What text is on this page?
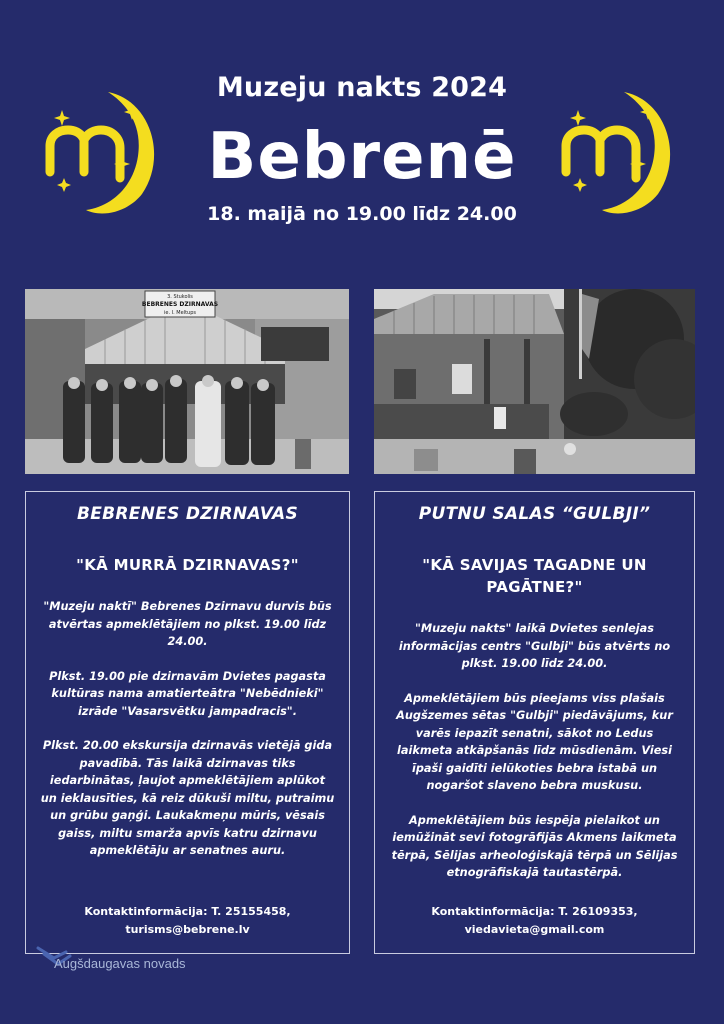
Muzeju nakts 2024
Bebrenē
18. maijā no 19.00 līdz 24.00
3. Stukolis
BEBRENES DZIRNAVAS
ie. I. Meltups
BEBRENES DZIRNAVAS
"KĀ MURRĀ DZIRNAVAS?"

"Muzeju naktī" Bebrenes Dzirnavu durvis būs atvērtas apmeklētājiem no plkst. 19.00 līdz 24.00.

Plkst. 19.00 pie dzirnavām Dvietes pagasta kultūras nama amatierteātra "Nebēdnieki" izrāde "Vasarsvētku jampadracis".

Plkst. 20.00 ekskursija dzirnavās vietējā gida pavadībā. Tās laikā dzirnavas tiks iedarbinātas, ļaujot apmeklētājiem aplūkot un ieklausīties, kā reiz dūkuši miltu, putraimu un grūbu gaņģi. Laukakmeņu mūris, vēsais gaiss, miltu smarža apvīs katru dzirnavu apmeklētāju ar senatnes auru.

Kontaktinformācija: T. 25155458,
turisms@bebrene.lv
PUTNU SALAS “GULBJI”
"KĀ SAVIJAS TAGADNE UN PAGĀTNE?"

"Muzeju nakts" laikā Dvietes senlejas informācijas centrs "Gulbji" būs atvērts no plkst. 19.00 līdz 24.00.

Apmeklētājiem būs pieejams viss plašais Augšzemes sētas "Gulbji" piedāvājums, kur varēs iepazīt senatni, sākot no Ledus laikmeta atkāpšanās līdz mūsdienām. Viesi īpaši gaidīti ielūkoties bebra istabā un nogaršot slaveno bebra muskusu.

Apmeklētājiem būs iespēja pielaikot un iemūžināt sevi fotogrāfijās Akmens laikmeta tērpā, Sēlijas arheoloģiskajā tērpā un Sēlijas etnogrāfiskajā tautastērpā.

Kontaktinformācija: T. 26109353,
viedavieta@gmail.com
Augšdaugavas novads
